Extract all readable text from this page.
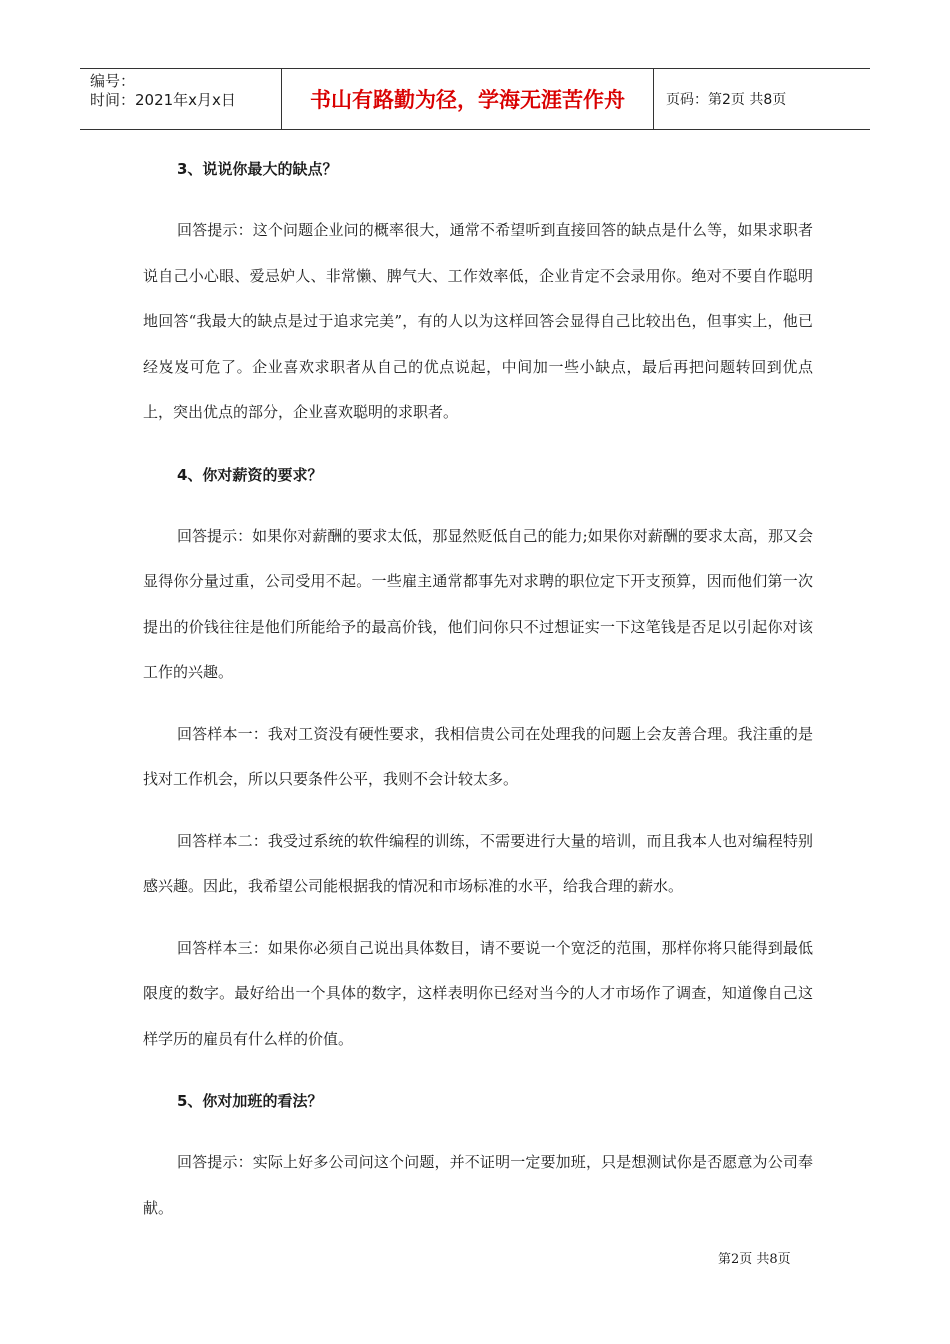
编号：
时间：2021年x月x日	书山有路勤为径，学海无涯苦作舟	页码：第2页 共8页

3、说说你最大的缺点？

回答提示：这个问题企业问的概率很大，通常不希望听到直接回答的缺点是什么等，如果求职者说自己小心眼、爱忌妒人、非常懒、脾气大、工作效率低，企业肯定不会录用你。绝对不要自作聪明地回答“我最大的缺点是过于追求完美”，有的人以为这样回答会显得自己比较出色，但事实上，他已经岌岌可危了。企业喜欢求职者从自己的优点说起，中间加一些小缺点，最后再把问题转回到优点上，突出优点的部分，企业喜欢聪明的求职者。

4、你对薪资的要求？

回答提示：如果你对薪酬的要求太低，那显然贬低自己的能力;如果你对薪酬的要求太高，那又会显得你分量过重，公司受用不起。一些雇主通常都事先对求聘的职位定下开支预算，因而他们第一次提出的价钱往往是他们所能给予的最高价钱，他们问你只不过想证实一下这笔钱是否足以引起你对该工作的兴趣。

回答样本一：我对工资没有硬性要求，我相信贵公司在处理我的问题上会友善合理。我注重的是找对工作机会，所以只要条件公平，我则不会计较太多。

回答样本二：我受过系统的软件编程的训练，不需要进行大量的培训，而且我本人也对编程特别感兴趣。因此，我希望公司能根据我的情况和市场标准的水平，给我合理的薪水。

回答样本三：如果你必须自己说出具体数目，请不要说一个宽泛的范围，那样你将只能得到最低限度的数字。最好给出一个具体的数字，这样表明你已经对当今的人才市场作了调查，知道像自己这样学历的雇员有什么样的价值。

5、你对加班的看法？

回答提示：实际上好多公司问这个问题，并不证明一定要加班，只是想测试你是否愿意为公司奉献。

第2页 共8页
